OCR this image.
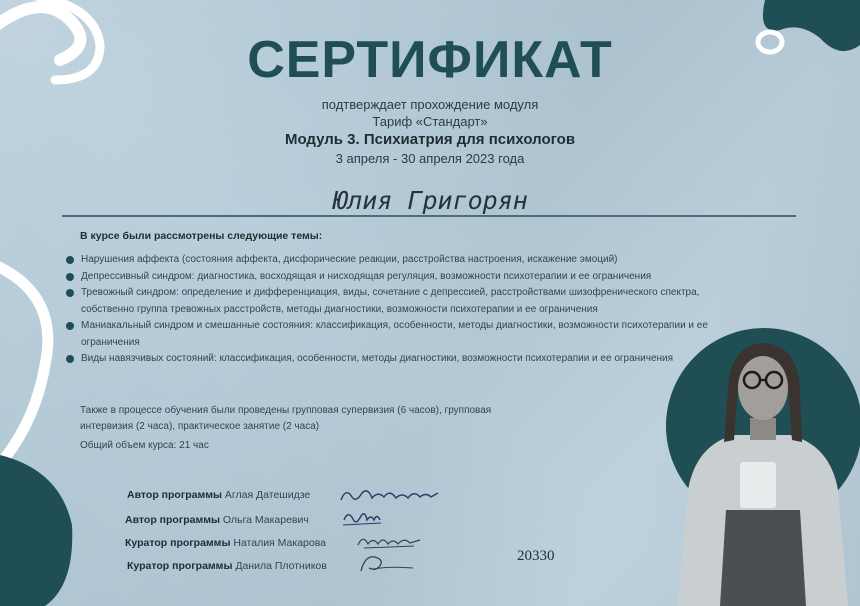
СЕРТИФИКАТ
подтверждает прохождение модуля
Тариф «Стандарт»
Модуль 3. Психиатрия для психологов
3 апреля - 30 апреля 2023 года
Юлия Григорян
В курсе были рассмотрены следующие темы:
Нарушения аффекта (состояния аффекта, дисфорические реакции, расстройства настроения, искажение эмоций)
Депрессивный синдром: диагностика, восходящая и нисходящая регуляция, возможности психотерапии и ее ограничения
Тревожный синдром: определение и дифференциация, виды, сочетание с депрессией, расстройствами шизофренического спектра, собственно группа тревожных расстройств, методы диагностики, возможности психотерапии и ее ограничения
Маниакальный синдром и смешанные состояния: классификация, особенности, методы диагностики, возможности психотерапии и ее ограничения
Виды навязчивых состояний: классификация, особенности, методы диагностики, возможности психотерапии и ее ограничения
Также в процессе обучения были проведены групповая супервизия (6 часов), групповая интервизия (2 часа), практическое занятие (2 часа)
Общий объем курса: 21 час
Автор программы Аглая Датешидзе
Автор программы Ольга Макаревич
Куратор программы Наталия Макарова
Куратор программы Данила Плотников
20330
